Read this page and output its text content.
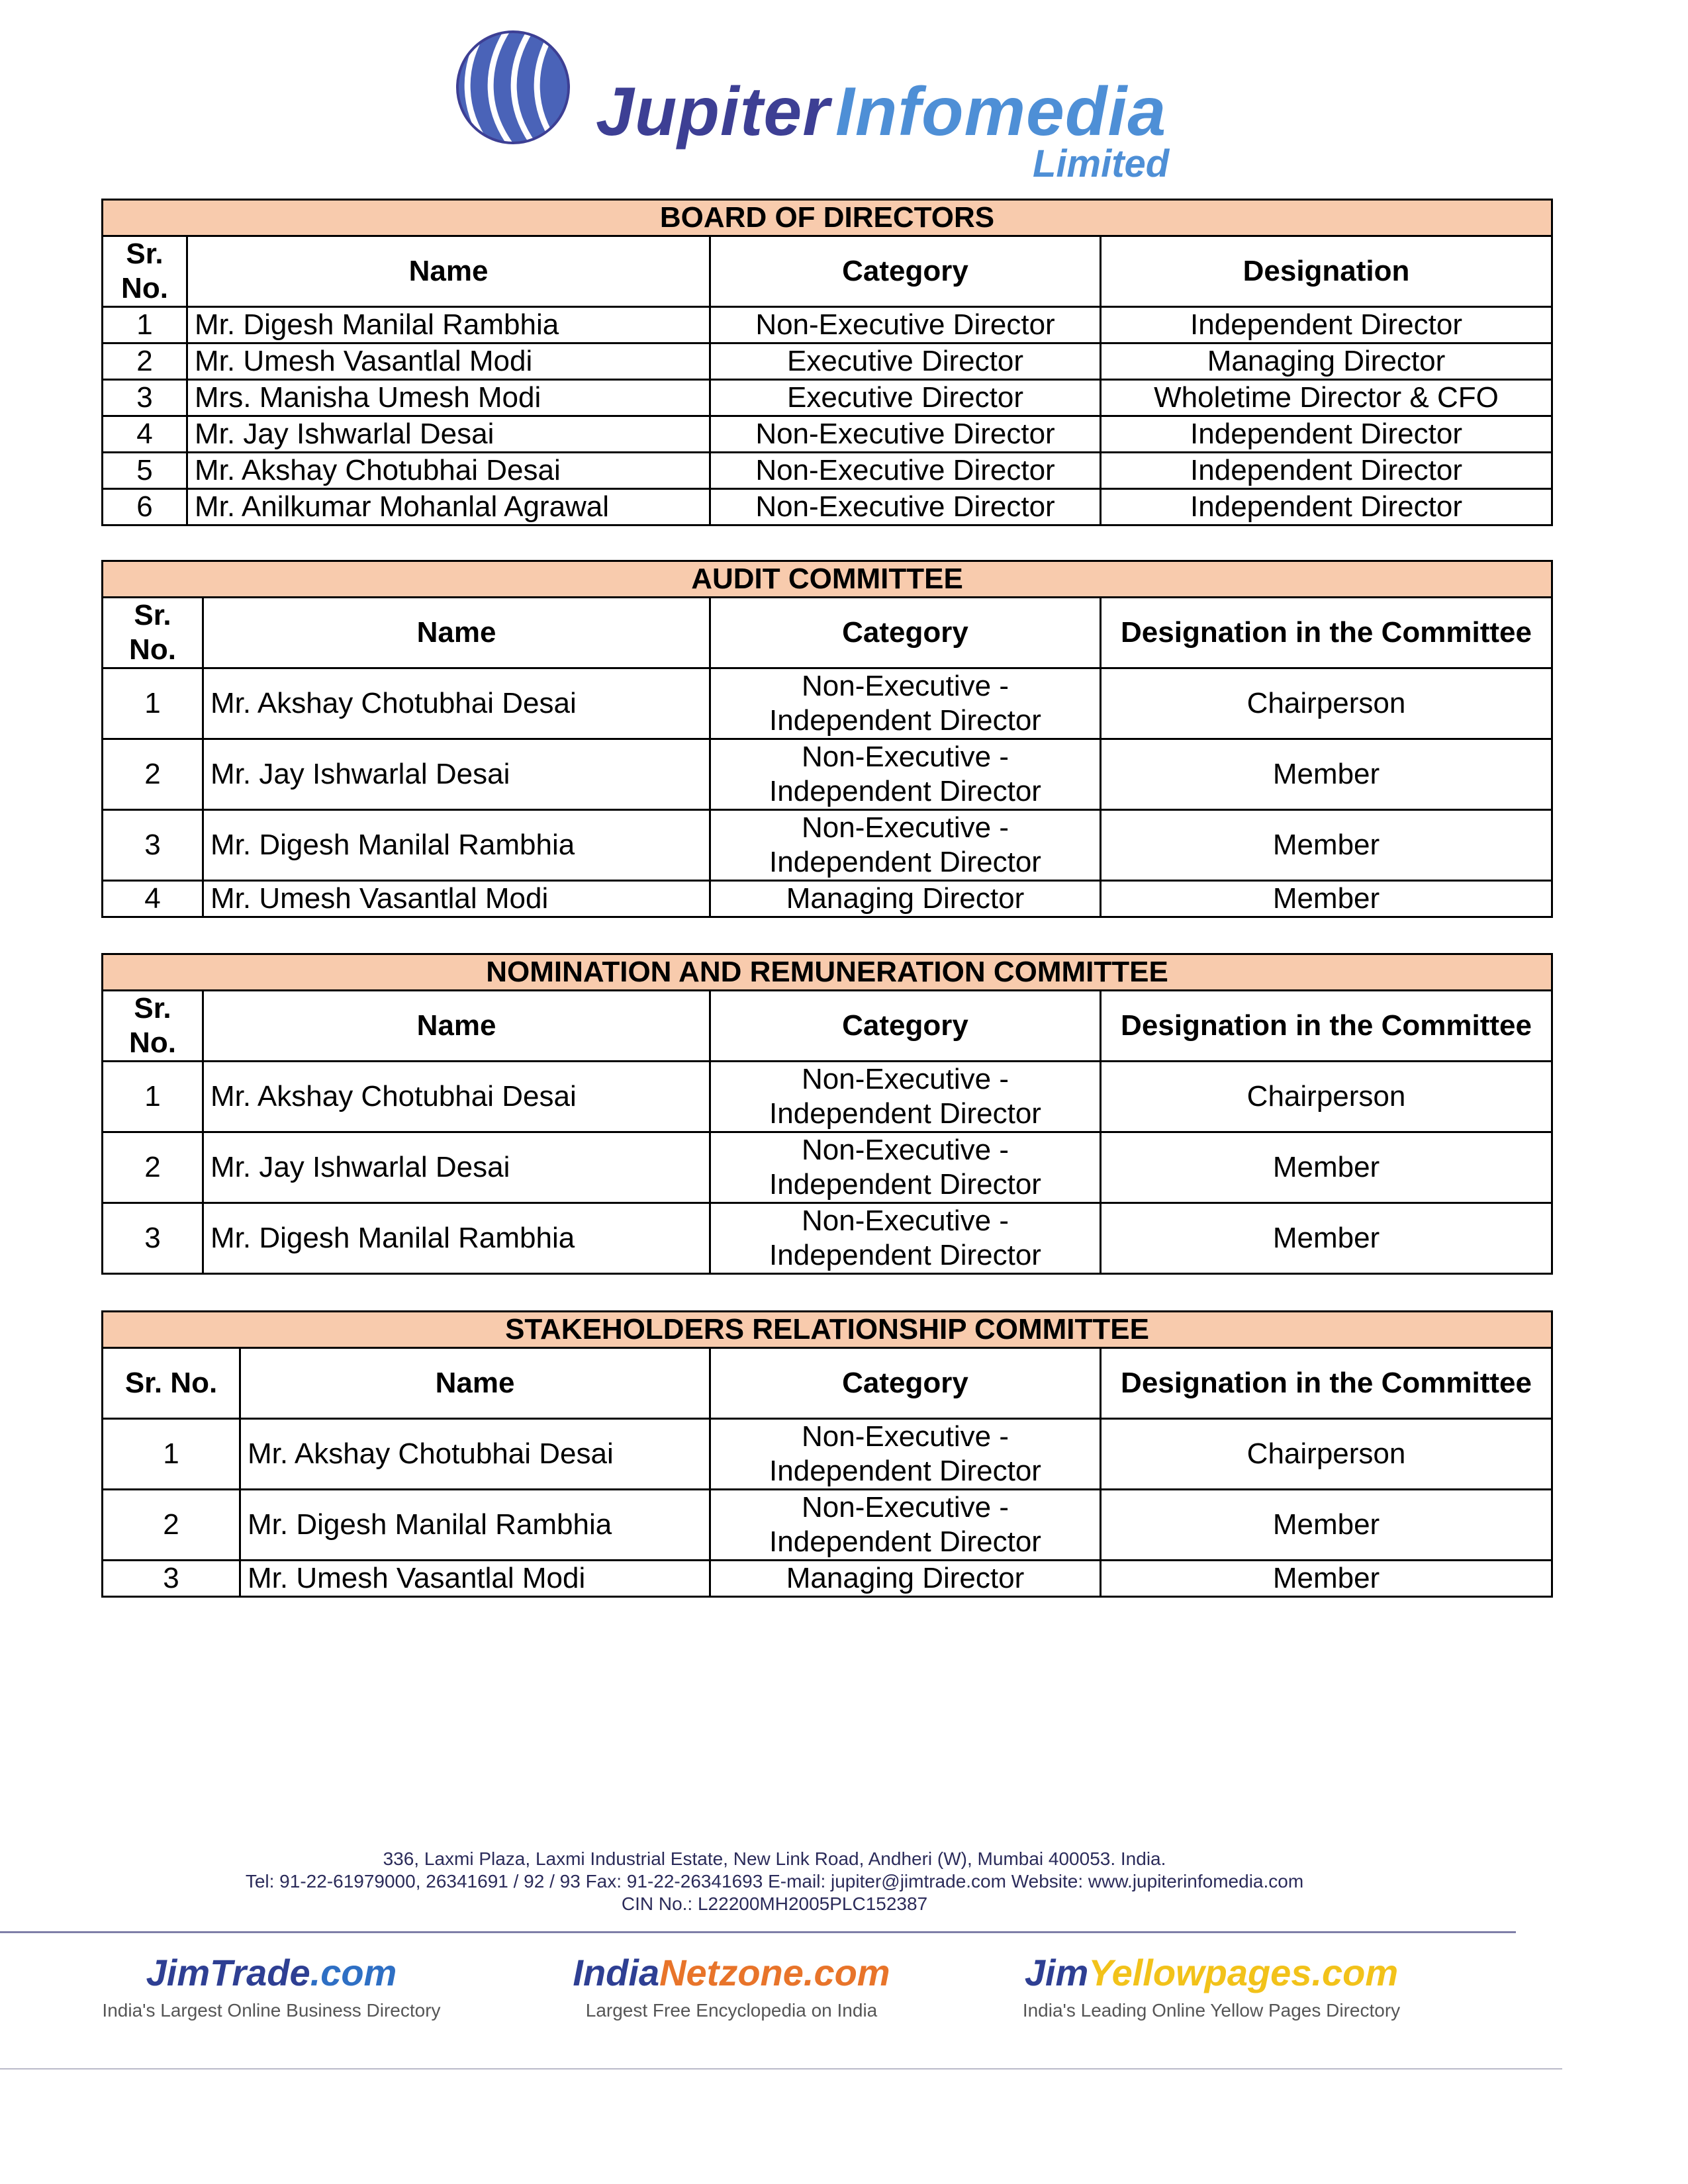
Jupiter Infomedia
Limited
BOARD OF DIRECTORS			
Sr. No.	Name	Category	Designation
1	Mr. Digesh Manilal Rambhia	Non-Executive Director	Independent Director
2	Mr. Umesh Vasantlal Modi	Executive Director	Managing Director
3	Mrs. Manisha Umesh Modi	Executive Director	Wholetime Director & CFO
4	Mr. Jay Ishwarlal Desai	Non-Executive Director	Independent Director
5	Mr. Akshay Chotubhai Desai	Non-Executive Director	Independent Director
6	Mr. Anilkumar Mohanlal Agrawal	Non-Executive Director	Independent Director
AUDIT COMMITTEE			
Sr. No.	Name	Category	Designation in the Committee
1	Mr. Akshay Chotubhai Desai	Non-Executive - Independent Director	Chairperson
2	Mr. Jay Ishwarlal Desai	Non-Executive - Independent Director	Member
3	Mr. Digesh Manilal Rambhia	Non-Executive - Independent Director	Member
4	Mr. Umesh Vasantlal Modi	Managing Director	Member
NOMINATION AND REMUNERATION COMMITTEE			
Sr. No.	Name	Category	Designation in the Committee
1	Mr. Akshay Chotubhai Desai	Non-Executive - Independent Director	Chairperson
2	Mr. Jay Ishwarlal Desai	Non-Executive - Independent Director	Member
3	Mr. Digesh Manilal Rambhia	Non-Executive - Independent Director	Member
STAKEHOLDERS RELATIONSHIP COMMITTEE			
Sr. No.	Name	Category	Designation in the Committee
1	Mr. Akshay Chotubhai Desai	Non-Executive - Independent Director	Chairperson
2	Mr. Digesh Manilal Rambhia	Non-Executive - Independent Director	Member
3	Mr. Umesh Vasantlal Modi	Managing Director	Member
336, Laxmi Plaza, Laxmi Industrial Estate, New Link Road, Andheri (W), Mumbai 400053. India.
Tel: 91-22-61979000, 26341691 / 92 / 93 Fax: 91-22-26341693 E-mail: jupiter@jimtrade.com Website: www.jupiterinfomedia.com
CIN No.: L22200MH2005PLC152387
JimTrade.com
India's Largest Online Business Directory
IndiaNetzone.com
Largest Free Encyclopedia on India
JimYellowpages.com
India's Leading Online Yellow Pages Directory
